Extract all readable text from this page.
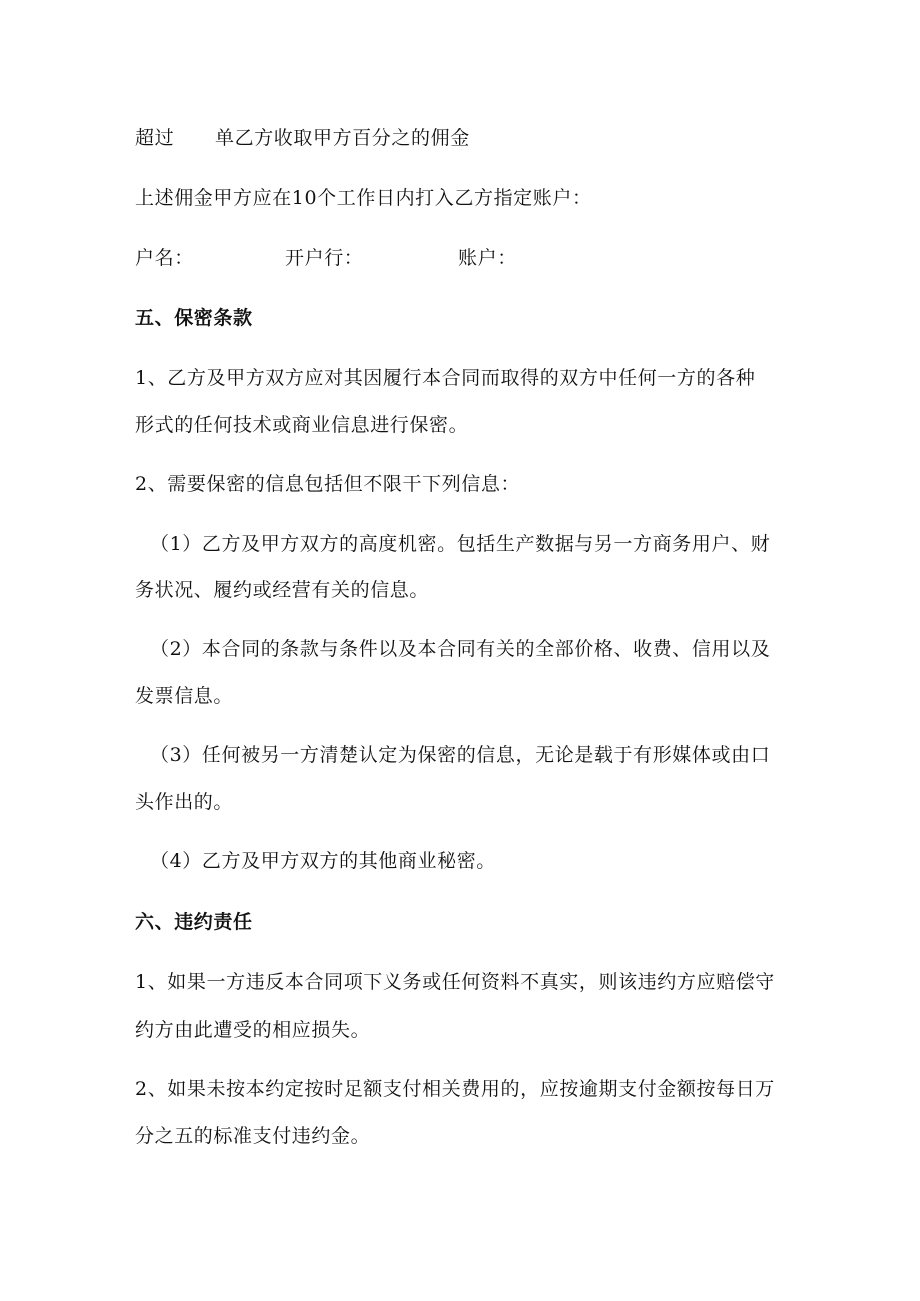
超过 单乙方收取甲方百分之的佣金
上述佣金甲方应在10个工作日内打入乙方指定账户：
户名：	开户行：	账户：
五、保密条款
1、乙方及甲方双方应对其因履行本合同而取得的双方中任何一方的各种
形式的任何技术或商业信息进行保密。
2、需要保密的信息包括但不限干下列信息：
（1）乙方及甲方双方的高度机密。包括生产数据与另一方商务用户、财
务状况、履约或经营有关的信息。
（2）本合同的条款与条件以及本合同有关的全部价格、收费、信用以及
发票信息。
（3）任何被另一方清楚认定为保密的信息，无论是载于有形媒体或由口
头作出的。
（4）乙方及甲方双方的其他商业秘密。
六、违约责任
1、如果一方违反本合同项下义务或任何资料不真实，则该违约方应赔偿守
约方由此遭受的相应损失。
2、如果未按本约定按时足额支付相关费用的，应按逾期支付金额按每日万
分之五的标准支付违约金。
